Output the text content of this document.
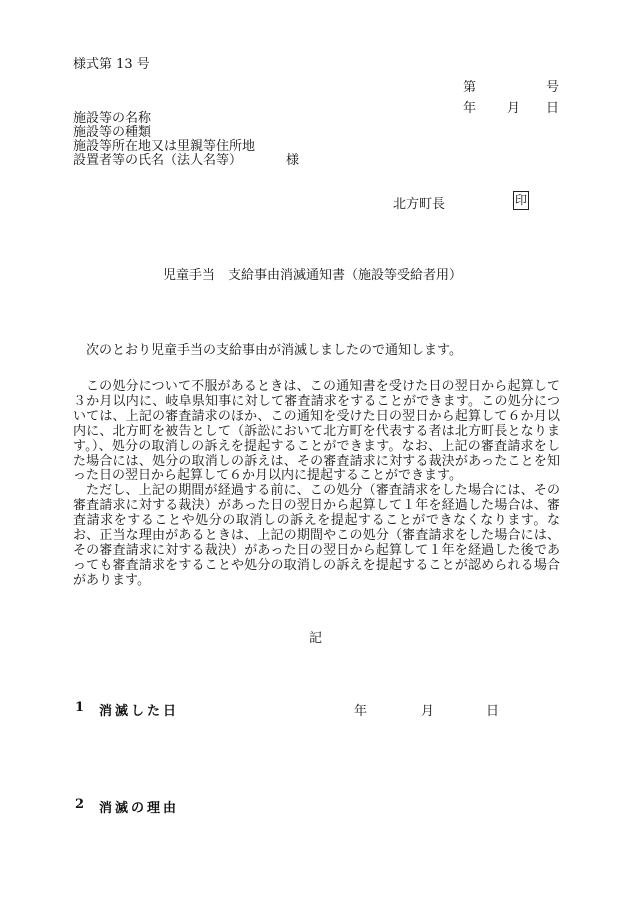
様式第 13 号
第	号
年 月 日
施設等の名称
施設等の種類
施設等所在地又は里親等住所地
設置者等の氏名（法人名等）	様
北方町長	印
児童手当　支給事由消滅通知書（施設等受給者用）
次のとおり児童手当の支給事由が消滅しましたので通知します。

この処分について不服があるときは、この通知書を受けた日の翌日から起算して３か月以内に、岐阜県知事に対して審査請求をすることができます。この処分については、上記の審査請求のほか、この通知を受けた日の翌日から起算して６か月以内に、北方町を被告として（訴訟において北方町を代表する者は北方町長となります。）、処分の取消しの訴えを提起することができます。なお、上記の審査請求をした場合には、処分の取消しの訴えは、その審査請求に対する裁決があったことを知った日の翌日から起算して６か月以内に提起することができます。

ただし、上記の期間が経過する前に、この処分（審査請求をした場合には、その審査請求に対する裁決）があった日の翌日から起算して１年を経過した場合は、審査請求をすることや処分の取消しの訴えを提起することができなくなります。なお、正当な理由があるときは、上記の期間やこの処分（審査請求をした場合には、その審査請求に対する裁決）があった日の翌日から起算して１年を経過した後であっても審査請求をすることや処分の取消しの訴えを提起することが認められる場合があります。

記
1 消滅した日	年	月	日
2 消滅の理由
